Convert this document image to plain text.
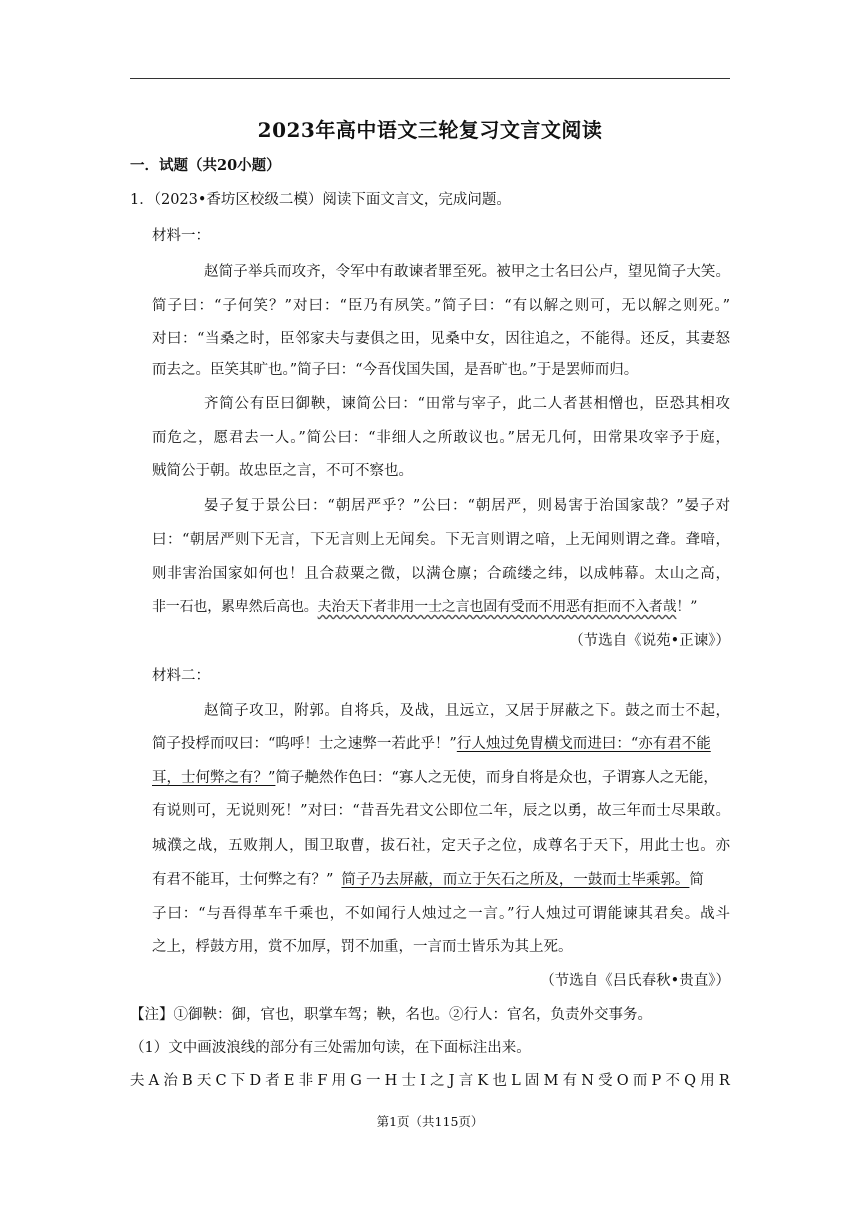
2023年高中语文三轮复习文言文阅读
一．试题（共20小题）
1．（2023•香坊区校级二模）阅读下面文言文，完成问题。
材料一：
赵简子举兵而攻齐，令军中有敢谏者罪至死。被甲之士名曰公卢，望见简子大笑。
简子曰：“子何笑？”对曰：“臣乃有夙笑。”简子曰：“有以解之则可，无以解之则死。”
对曰：“当桑之时，臣邻家夫与妻俱之田，见桑中女，因往追之，不能得。还反，其妻怒
而去之。臣笑其旷也。”简子曰：“今吾伐国失国，是吾旷也。”于是罢师而归。
齐简公有臣曰御鞅，谏简公曰：“田常与宰子，此二人者甚相憎也，臣恐其相攻
而危之，愿君去一人。”简公曰：“非细人之所敢议也。”居无几何，田常果攻宰予于庭，
贼简公于朝。故忠臣之言，不可不察也。
晏子复于景公曰：“朝居严乎？”公曰：“朝居严，则曷害于治国家哉？”晏子对
曰：“朝居严则下无言，下无言则上无闻矣。下无言则谓之喑，上无闻则谓之聋。聋喑，
则非害治国家如何也！且合菽粟之微，以满仓廪；合疏缕之纬，以成帏幕。太山之高，
非一石也，累卑然后高也。夫治天下者非用一士之言也固有受而不用恶有拒而不入者哉！”
（节选自《说苑•正谏》）
材料二：
赵简子攻卫，附郭。自将兵，及战，且远立，又居于屏蔽之下。鼓之而士不起，
简子投桴而叹曰：“呜呼！士之速弊一若此乎！”行人烛过免胄横戈而进曰：“亦有君不能
耳，士何弊之有？”简子艴然作色曰：“寡人之无使，而身自将是众也，子谓寡人之无能，
有说则可，无说则死！”对曰：“昔吾先君文公即位二年，辰之以勇，故三年而士尽果敢。
城濮之战，五败荆人，围卫取曹，拔石社，定天子之位，成尊名于天下，用此士也。亦
有君不能耳，士何弊之有？” 简子乃去屏蔽，而立于矢石之所及，一鼓而士毕乘郭。简
子曰：“与吾得革车千乘也，不如闻行人烛过之一言。”行人烛过可谓能谏其君矣。战斗
之上，桴鼓方用，赏不加厚，罚不加重，一言而士皆乐为其上死。
（节选自《吕氏春秋•贵直》）
【注】①御鞅：御，官也，职掌车驾；鞅，名也。②行人：官名，负责外交事务。
（1）文中画波浪线的部分有三处需加句读，在下面标注出来。
夫A治B天C下D者E非F用G一H士I之J言K也L固M有N受O而P不Q用R
第1页（共115页）
